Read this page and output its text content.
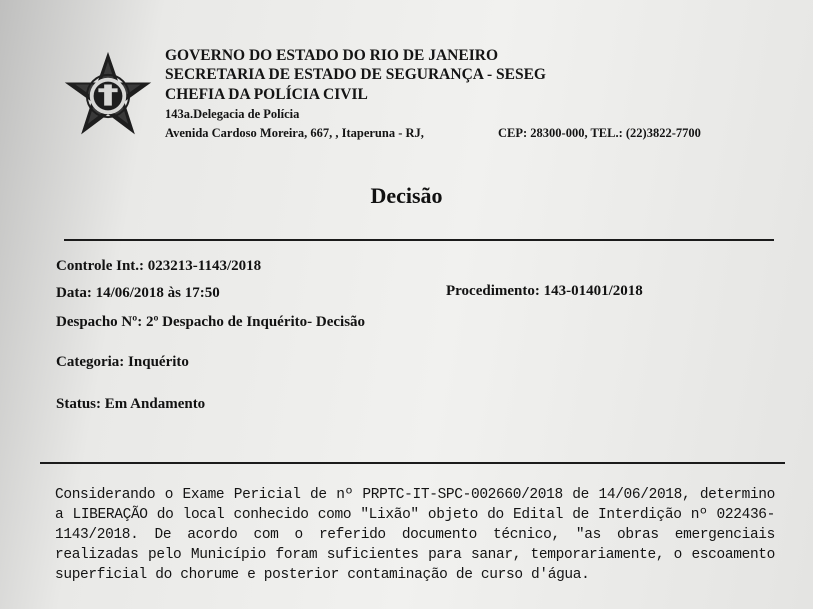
GOVERNO DO ESTADO DO RIO DE JANEIRO
SECRETARIA DE ESTADO DE SEGURANÇA - SESEG
CHEFIA DA POLÍCIA CIVIL
143a.Delegacia de Polícia
Avenida Cardoso Moreira, 667, , Itaperuna - RJ,	CEP: 28300-000, TEL.: (22)3822-7700
Decisão
Controle Int.: 023213-1143/2018
Data: 14/06/2018 às 17:50	Procedimento: 143-01401/2018
Despacho Nº: 2º Despacho de Inquérito- Decisão
Categoria: Inquérito
Status: Em Andamento
Considerando o Exame Pericial de nº PRPTC-IT-SPC-002660/2018 de 14/06/2018, determino a LIBERAÇÃO do local conhecido como "Lixão" objeto do Edital de Interdição nº 022436-1143/2018. De acordo com o referido documento técnico, "as obras emergenciais realizadas pelo Município foram suficientes para sanar, temporariamente, o escoamento superficial do chorume e posterior contaminação de curso d'água.
